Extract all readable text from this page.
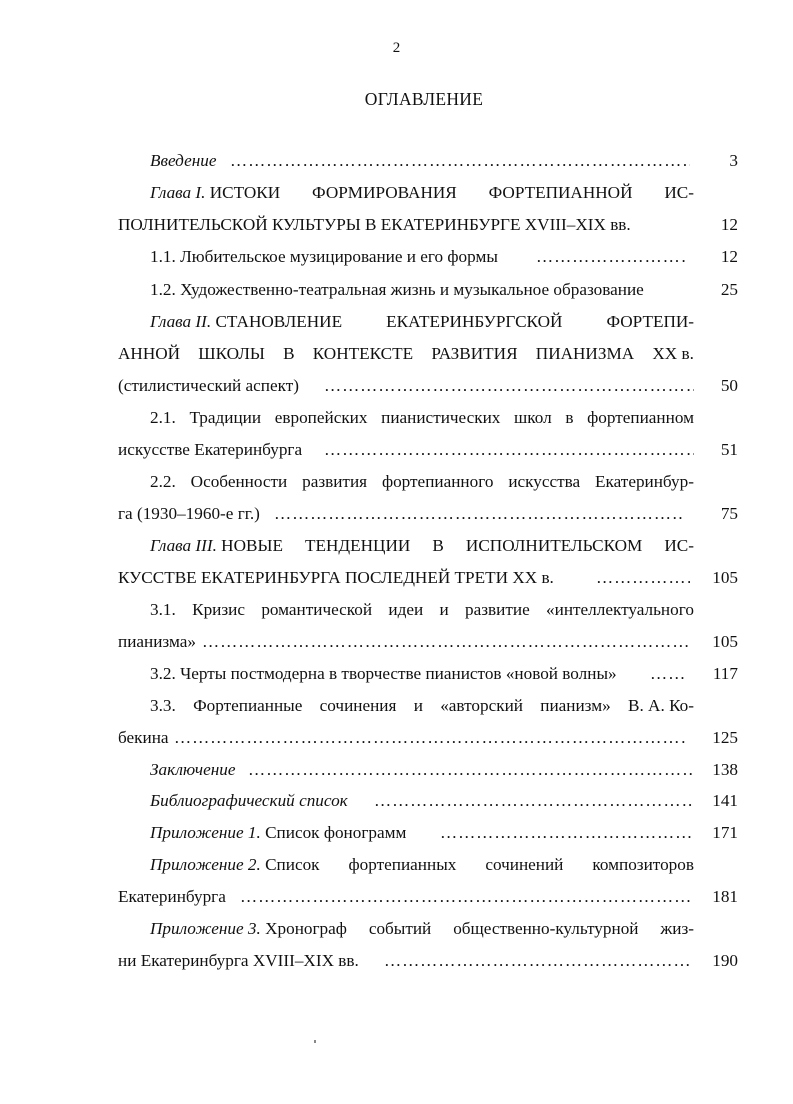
2
ОГЛАВЛЕНИЕ
Введение ………………………………………………………………………………………………………………………………	3
Глава I. ИСТОКИ ФОРМИРОВАНИЯ ФОРТЕПИАННОЙ ИС-
ПОЛНИТЕЛЬСКОЙ КУЛЬТУРЫ В ЕКАТЕРИНБУРГЕ XVIII–XIX вв.	12
1.1. Любительское музицирование и его формы ………………………………………………………………………………………………………………………………	12
1.2. Художественно-театральная жизнь и музыкальное образование	25
Глава II. СТАНОВЛЕНИЕ	ЕКАТЕРИНБУРГСКОЙ	ФОРТЕПИ-
АННОЙ ШКОЛЫ В КОНТЕКСТЕ РАЗВИТИЯ ПИАНИЗМА XX в.
(стилистический аспект) ………………………………………………………………………………………………………………………………	50
2.1. Традиции европейских пианистических школ в фортепианном
искусстве Екатеринбурга ………………………………………………………………………………………………………………………………	51
2.2. Особенности развития фортепианного искусства Екатеринбур-
га (1930–1960-е гг.) ………………………………………………………………………………………………………………………………	75
Глава III. НОВЫЕ ТЕНДЕНЦИИ В ИСПОЛНИТЕЛЬСКОМ ИС-
КУССТВЕ ЕКАТЕРИНБУРГА ПОСЛЕДНЕЙ ТРЕТИ XX в. ………………………………………………………………………………………………………………………………	105
3.1. Кризис романтической идеи и развитие «интеллектуального
пианизма» ………………………………………………………………………………………………………………………………	105
3.2. Черты постмодерна в творчестве пианистов «новой волны» ………………………………………………………………………………………………………………………………	117
3.3. Фортепианные сочинения и «авторский пианизм» В. А. Ко-
бекина ………………………………………………………………………………………………………………………………	125
Заключение ………………………………………………………………………………………………………………………………	138
Библиографический список ………………………………………………………………………………………………………………………………	141
Приложение 1. Список фонограмм ………………………………………………………………………………………………………………………………	171
Приложение 2. Список фортепианных сочинений композиторов
Екатеринбурга ………………………………………………………………………………………………………………………………	181
Приложение 3. Хронограф событий общественно-культурной жиз-
ни Екатеринбурга XVIII–XIX вв. ………………………………………………………………………………………………………………………………	190
